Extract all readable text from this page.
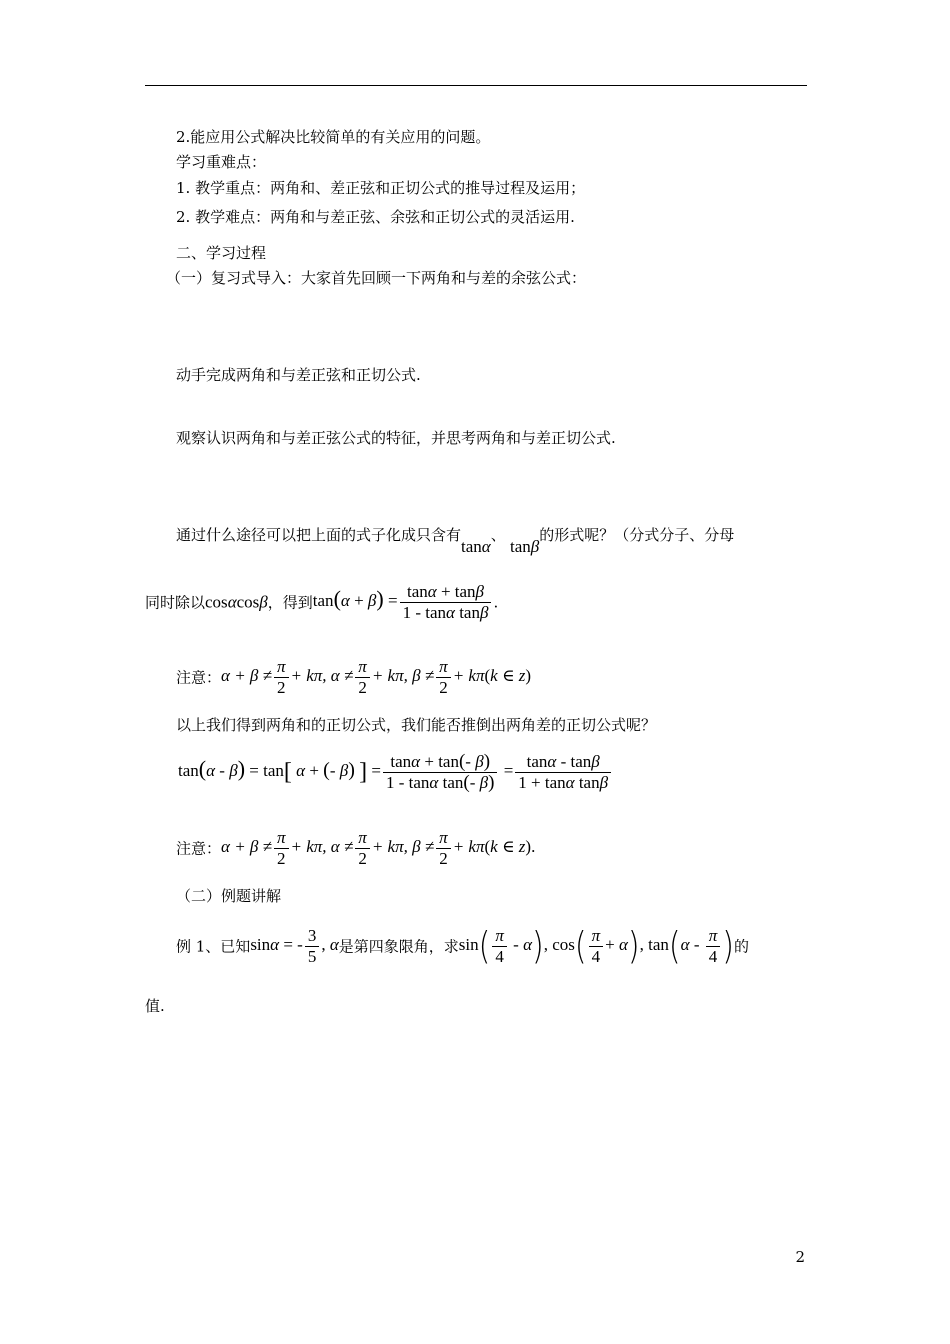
2.能应用公式解决比较简单的有关应用的问题。
学习重难点：
1. 教学重点：两角和、差正弦和正切公式的推导过程及运用；
2. 教学难点：两角和与差正弦、余弦和正切公式的灵活运用.
二、学习过程
（一）复习式导入：大家首先回顾一下两角和与差的余弦公式：
动手完成两角和与差正弦和正切公式.
观察认识两角和与差正弦公式的特征，并思考两角和与差正切公式.
通过什么途径可以把上面的式子化成只含有tanα、 tanβ的形式呢？（分式分子、分母
同时除以cosαcosβ，得到$\tan(\alpha + \beta) = \frac{\tan\alpha + \tan\beta}{\text{1 - tanα tanβ}}$ .
注意：$\alpha + \beta \ne \frac{\pi}{2} + k\pi$, $\alpha \ne \frac{\pi}{2} + k\pi$, $\beta \ne \frac{\pi}{2} + k\pi(k$ ∈ z)
以上我们得到两角和的正切公式，我们能否推倒出两角差的正切公式呢？
tan(α - β) = tan[ α + (- β) ] = $\frac{\tan\alpha + \tan(- \beta)}{\text{1 - tanα tan(- β)}} = \frac{\tan\alpha - \tan\beta}{\text{1 + tanα tanβ}}$
注意：$\alpha + \beta \ne \frac{\pi}{2} + k\pi$, $\alpha \ne \frac{\pi}{2} + k\pi$, $\beta \ne \frac{\pi}{2} + k\pi(k$ ∈ z).
（二）例题讲解
例 1、已知sinα = - $\frac{3}{5}$ , α是第四象限角，求$\sin( \frac{\pi}{4} - \alpha)$, $\cos( \frac{\pi}{4} + \alpha)$, $\tan(\alpha - \frac{\pi}{4}$ )的
值.
2
